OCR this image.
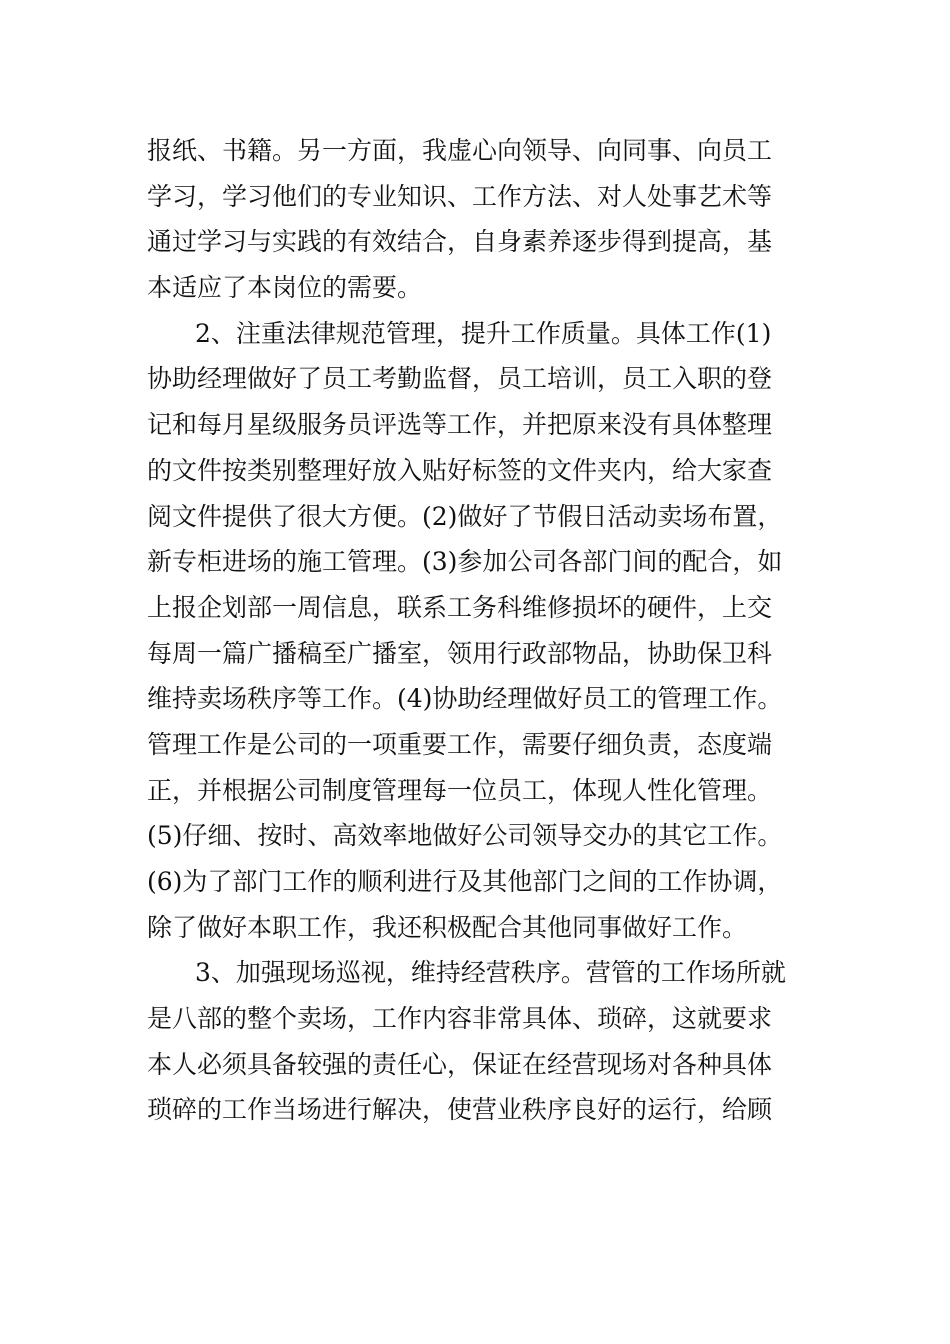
报纸、书籍。另一方面，我虚心向领导、向同事、向员工
学习，学习他们的专业知识、工作方法、对人处事艺术等
通过学习与实践的有效结合，自身素养逐步得到提高，基
本适应了本岗位的需要。
2、注重法律规范管理，提升工作质量。具体工作(1)
协助经理做好了员工考勤监督，员工培训，员工入职的登
记和每月星级服务员评选等工作，并把原来没有具体整理
的文件按类别整理好放入贴好标签的文件夹内，给大家查
阅文件提供了很大方便。(2)做好了节假日活动卖场布置，
新专柜进场的施工管理。(3)参加公司各部门间的配合，如
上报企划部一周信息，联系工务科维修损坏的硬件，上交
每周一篇广播稿至广播室，领用行政部物品，协助保卫科
维持卖场秩序等工作。(4)协助经理做好员工的管理工作。
管理工作是公司的一项重要工作，需要仔细负责，态度端
正，并根据公司制度管理每一位员工，体现人性化管理。
(5)仔细、按时、高效率地做好公司领导交办的其它工作。
(6)为了部门工作的顺利进行及其他部门之间的工作协调，
除了做好本职工作，我还积极配合其他同事做好工作。
3、加强现场巡视，维持经营秩序。营管的工作场所就
是八部的整个卖场，工作内容非常具体、琐碎，这就要求
本人必须具备较强的责任心，保证在经营现场对各种具体
琐碎的工作当场进行解决，使营业秩序良好的运行，给顾
